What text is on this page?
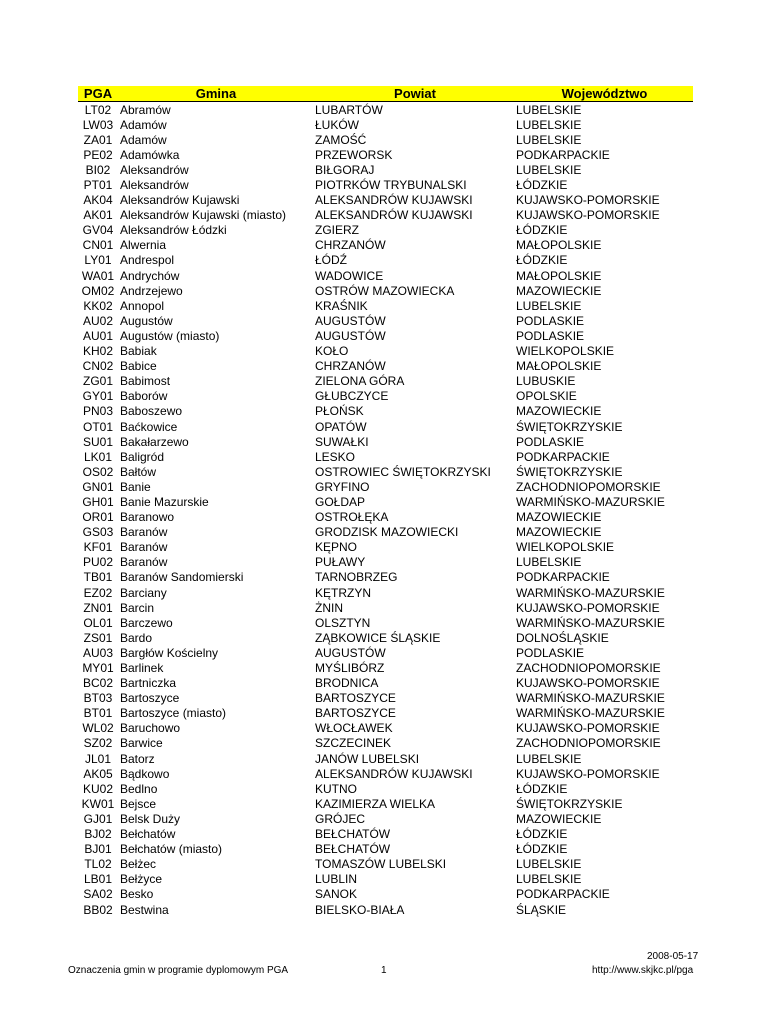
PGA	Gmina	Powiat	Województwo
LT02	Abramów	LUBARTÓW	LUBELSKIE
LW03	Adamów	ŁUKÓW	LUBELSKIE
ZA01	Adamów	ZAMOŚĆ	LUBELSKIE
PE02	Adamówka	PRZEWORSK	PODKARPACKIE
BI02	Aleksandrów	BIŁGORAJ	LUBELSKIE
PT01	Aleksandrów	PIOTRKÓW TRYBUNALSKI	ŁÓDZKIE
AK04	Aleksandrów Kujawski	ALEKSANDRÓW KUJAWSKI	KUJAWSKO-POMORSKIE
AK01	Aleksandrów Kujawski (miasto)	ALEKSANDRÓW KUJAWSKI	KUJAWSKO-POMORSKIE
GV04	Aleksandrów Łódzki	ZGIERZ	ŁÓDZKIE
CN01	Alwernia	CHRZANÓW	MAŁOPOLSKIE
LY01	Andrespol	ŁÓDŹ	ŁÓDZKIE
WA01	Andrychów	WADOWICE	MAŁOPOLSKIE
OM02	Andrzejewo	OSTRÓW MAZOWIECKA	MAZOWIECKIE
KK02	Annopol	KRAŚNIK	LUBELSKIE
AU02	Augustów	AUGUSTÓW	PODLASKIE
AU01	Augustów (miasto)	AUGUSTÓW	PODLASKIE
KH02	Babiak	KOŁO	WIELKOPOLSKIE
CN02	Babice	CHRZANÓW	MAŁOPOLSKIE
ZG01	Babimost	ZIELONA GÓRA	LUBUSKIE
GY01	Baborów	GŁUBCZYCE	OPOLSKIE
PN03	Baboszewo	PŁOŃSK	MAZOWIECKIE
OT01	Baćkowice	OPATÓW	ŚWIĘTOKRZYSKIE
SU01	Bakałarzewo	SUWAŁKI	PODLASKIE
LK01	Baligród	LESKO	PODKARPACKIE
OS02	Bałtów	OSTROWIEC ŚWIĘTOKRZYSKI	ŚWIĘTOKRZYSKIE
GN01	Banie	GRYFINO	ZACHODNIOPOMORSKIE
GH01	Banie Mazurskie	GOŁDAP	WARMIŃSKO-MAZURSKIE
OR01	Baranowo	OSTROŁĘKA	MAZOWIECKIE
GS03	Baranów	GRODZISK MAZOWIECKI	MAZOWIECKIE
KF01	Baranów	KĘPNO	WIELKOPOLSKIE
PU02	Baranów	PUŁAWY	LUBELSKIE
TB01	Baranów Sandomierski	TARNOBRZEG	PODKARPACKIE
EZ02	Barciany	KĘTRZYN	WARMIŃSKO-MAZURSKIE
ZN01	Barcin	ŻNIN	KUJAWSKO-POMORSKIE
OL01	Barczewo	OLSZTYN	WARMIŃSKO-MAZURSKIE
ZS01	Bardo	ZĄBKOWICE ŚLĄSKIE	DOLNOŚLĄSKIE
AU03	Bargłów Kościelny	AUGUSTÓW	PODLASKIE
MY01	Barlinek	MYŚLIBÓRZ	ZACHODNIOPOMORSKIE
BC02	Bartniczka	BRODNICA	KUJAWSKO-POMORSKIE
BT03	Bartoszyce	BARTOSZYCE	WARMIŃSKO-MAZURSKIE
BT01	Bartoszyce (miasto)	BARTOSZYCE	WARMIŃSKO-MAZURSKIE
WL02	Baruchowo	WŁOCŁAWEK	KUJAWSKO-POMORSKIE
SZ02	Barwice	SZCZECINEK	ZACHODNIOPOMORSKIE
JL01	Batorz	JANÓW LUBELSKI	LUBELSKIE
AK05	Bądkowo	ALEKSANDRÓW KUJAWSKI	KUJAWSKO-POMORSKIE
KU02	Bedlno	KUTNO	ŁÓDZKIE
KW01	Bejsce	KAZIMIERZA WIELKA	ŚWIĘTOKRZYSKIE
GJ01	Belsk Duży	GRÓJEC	MAZOWIECKIE
BJ02	Bełchatów	BEŁCHATÓW	ŁÓDZKIE
BJ01	Bełchatów (miasto)	BEŁCHATÓW	ŁÓDZKIE
TL02	Bełżec	TOMASZÓW LUBELSKI	LUBELSKIE
LB01	Bełżyce	LUBLIN	LUBELSKIE
SA02	Besko	SANOK	PODKARPACKIE
BB02	Bestwina	BIELSKO-BIAŁA	ŚLĄSKIE
Oznaczenia gmin w programie dyplomowym PGA	1
2008-05-17
http://www.skjkc.pl/pga
